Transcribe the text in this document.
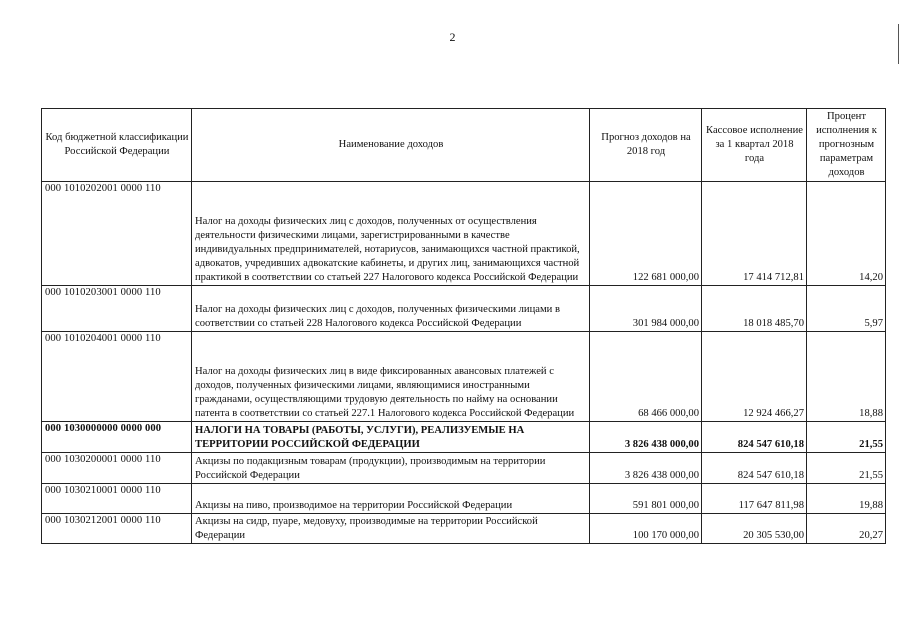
2
Код бюджетной классификации Российской Федерации	Наименование доходов	Прогноз доходов на 2018 год	Кассовое исполнение за 1 квартал 2018 года	Процент исполнения к прогнозным параметрам доходов
000 1010202001 0000 110	Налог на доходы физических лиц с доходов, полученных от осуществления деятельности физическими лицами, зарегистрированными в качестве индивидуальных предпринимателей, нотариусов, занимающихся частной практикой, адвокатов, учредивших адвокатские кабинеты, и других лиц, занимающихся частной практикой в соответствии со статьей 227 Налогового кодекса Российской Федерации	122 681 000,00	17 414 712,81	14,20
000 1010203001 0000 110	Налог на доходы физических лиц с доходов, полученных физическими лицами в соответствии со статьей 228 Налогового кодекса Российской Федерации	301 984 000,00	18 018 485,70	5,97
000 1010204001 0000 110	Налог на доходы физических лиц в виде фиксированных авансовых платежей с доходов, полученных физическими лицами, являющимися иностранными гражданами, осуществляющими трудовую деятельность по найму на основании патента в соответствии со статьей 227.1 Налогового кодекса Российской Федерации	68 466 000,00	12 924 466,27	18,88
000 1030000000 0000 000	НАЛОГИ НА ТОВАРЫ (РАБОТЫ, УСЛУГИ), РЕАЛИЗУЕМЫЕ НА ТЕРРИТОРИИ РОССИЙСКОЙ ФЕДЕРАЦИИ	3 826 438 000,00	824 547 610,18	21,55
000 1030200001 0000 110	Акцизы по подакцизным товарам (продукции), производимым на территории Российской Федерации	3 826 438 000,00	824 547 610,18	21,55
000 1030210001 0000 110	Акцизы на пиво, производимое на территории Российской Федерации	591 801 000,00	117 647 811,98	19,88
000 1030212001 0000 110	Акцизы на сидр, пуаре, медовуху, производимые на территории Российской Федерации	100 170 000,00	20 305 530,00	20,27
